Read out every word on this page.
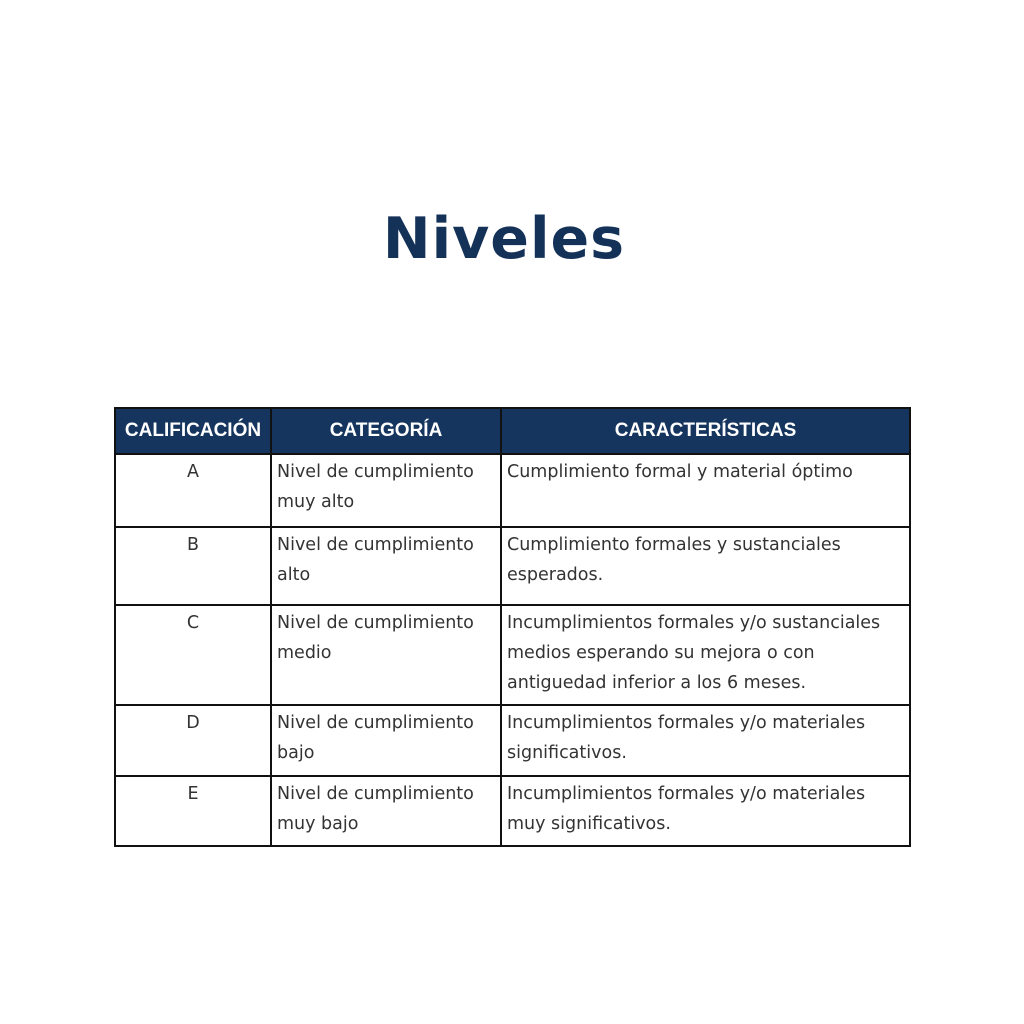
Niveles
CALIFICACIÓN	CATEGORÍA	CARACTERÍSTICAS
A	Nivel de cumplimiento muy alto	Cumplimiento formal y material óptimo
B	Nivel de cumplimiento alto	Cumplimiento formales y sustanciales esperados.
C	Nivel de cumplimiento medio	Incumplimientos formales y/o sustanciales medios esperando su mejora o con antiguedad inferior a los 6 meses.
D	Nivel de cumplimiento bajo	Incumplimientos formales y/o materiales significativos.
E	Nivel de cumplimiento muy bajo	Incumplimientos formales y/o materiales muy significativos.
